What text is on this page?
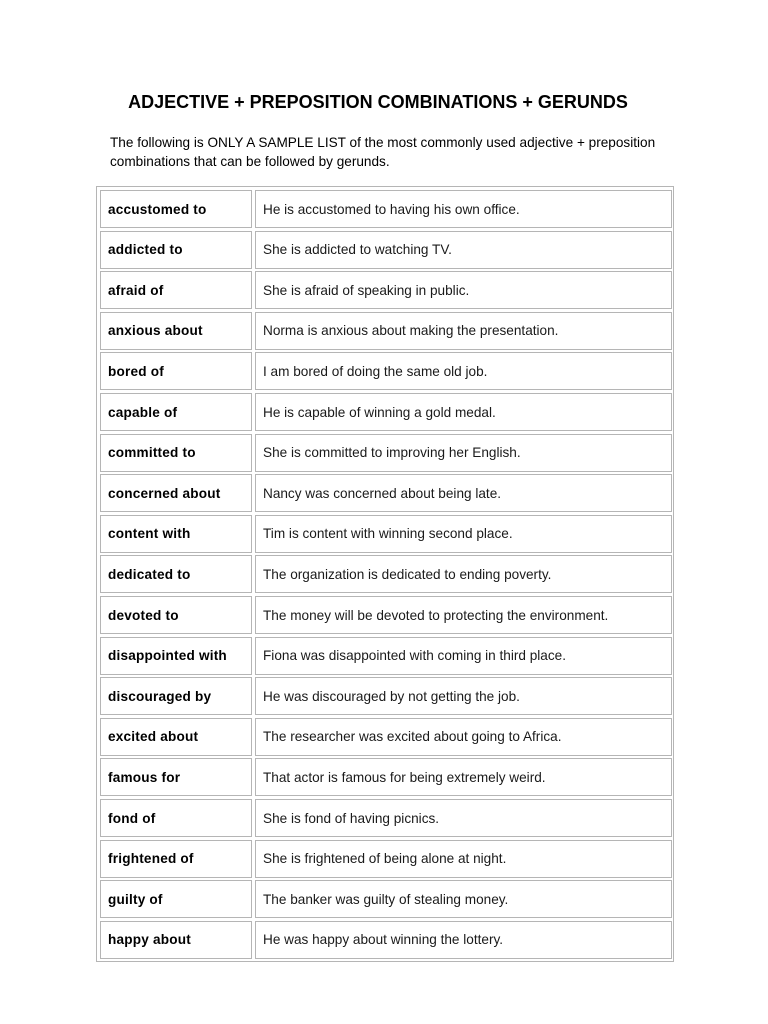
ADJECTIVE + PREPOSITION COMBINATIONS + GERUNDS

The following is ONLY A SAMPLE LIST of the most commonly used adjective + preposition combinations that can be followed by gerunds.

accustomed to	He is accustomed to having his own office.
addicted to	She is addicted to watching TV.
afraid of	She is afraid of speaking in public.
anxious about	Norma is anxious about making the presentation.
bored of	I am bored of doing the same old job.
capable of	He is capable of winning a gold medal.
committed to	She is committed to improving her English.
concerned about	Nancy was concerned about being late.
content with	Tim is content with winning second place.
dedicated to	The organization is dedicated to ending poverty.
devoted to	The money will be devoted to protecting the environment.
disappointed with	Fiona was disappointed with coming in third place.
discouraged by	He was discouraged by not getting the job.
excited about	The researcher was excited about going to Africa.
famous for	That actor is famous for being extremely weird.
fond of	She is fond of having picnics.
frightened of	She is frightened of being alone at night.
guilty of	The banker was guilty of stealing money.
happy about	He was happy about winning the lottery.
